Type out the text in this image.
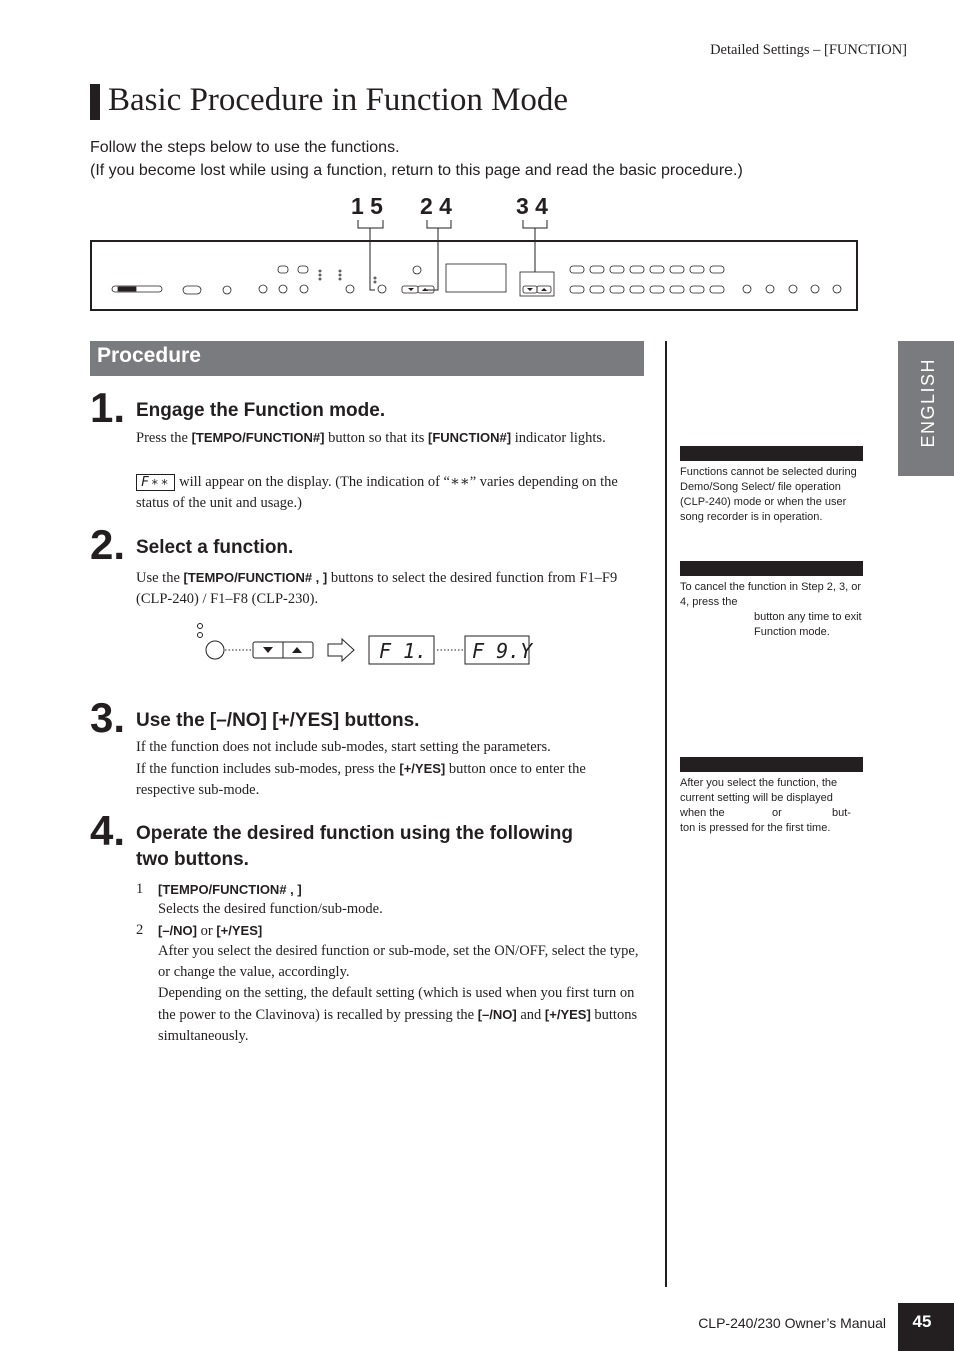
Detailed Settings – [FUNCTION]
Basic Procedure in Function Mode
Follow the steps below to use the functions.
(If you become lost while using a function, return to this page and read the basic procedure.)
1 5 2 4	3 4
Procedure
1. Engage the Function mode.
Press the [TEMPO/FUNCTION#] button so that its [FUNCTION#] indicator lights.
F∗∗ will appear on the display. (The indication of “∗∗” varies depending on the status of the unit and usage.)
2. Select a function.
Use the [TEMPO/FUNCTION# , ] buttons to select the desired function from F1–F9 (CLP-240) / F1–F8 (CLP-230).
F 1. F 9.Y
3. Use the [–/NO] [+/YES] buttons.
If the function does not include sub-modes, start setting the parameters.
If the function includes sub-modes, press the [+/YES] button once to enter the respective sub-mode.
4. Operate the desired function using the following
two buttons.
1	[TEMPO/FUNCTION# , ]
Selects the desired function/sub-mode.
2	[–/NO] or [+/YES]
After you select the desired function or sub-mode, set the ON/OFF, select the type, or change the value, accordingly.
Depending on the setting, the default setting (which is used when you first turn on the power to the Clavinova) is recalled by pressing the [–/NO] and [+/YES] buttons simultaneously.
Functions cannot be selected during Demo/Song Select/ file operation (CLP-240) mode or when the user song recorder is in operation.
To cancel the function in Step 2, 3, or 4, press the
button any time to exit Function mode.
After you select the function, the current setting will be displayed
when the	or	but-
ton is pressed for the first time.
ENGLISH
CLP-240/230 Owner’s Manual	45
